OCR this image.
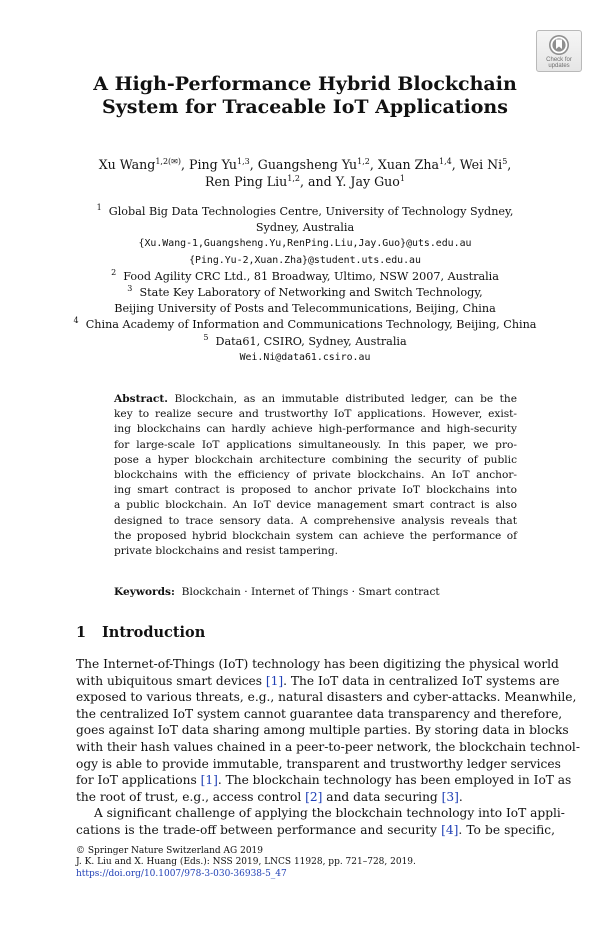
Check for
updates
A High-Performance Hybrid Blockchain
System for Traceable IoT Applications
Xu Wang$^{1,2(✉)}$, Ping Yu$^{1,3}$, Guangsheng Yu$^{1,2}$, Xuan Zha$^{1,4}$, Wei Ni$^5$,
Ren Ping Liu$^{1,2}$, and Y. Jay Guo$^1$
$^1$ Global Big Data Technologies Centre, University of Technology Sydney,
Sydney, Australia
{Xu.Wang-1,Guangsheng.Yu,RenPing.Liu,Jay.Guo}@uts.edu.au
{Ping.Yu-2,Xuan.Zha}@student.uts.edu.au
$^2$ Food Agility CRC Ltd., 81 Broadway, Ultimo, NSW 2007, Australia
$^3$ State Key Laboratory of Networking and Switch Technology,
Beijing University of Posts and Telecommunications, Beijing, China
$^4$ China Academy of Information and Communications Technology, Beijing, China
$^5$ Data61, CSIRO, Sydney, Australia
Wei.Ni@data61.csiro.au
Abstract. Blockchain, as an immutable distributed ledger, can be the
key to realize secure and trustworthy IoT applications. However, exist-
ing blockchains can hardly achieve high-performance and high-security
for large-scale IoT applications simultaneously. In this paper, we pro-
pose a hyper blockchain architecture combining the security of public
blockchains with the efficiency of private blockchains. An IoT anchor-
ing smart contract is proposed to anchor private IoT blockchains into
a public blockchain. An IoT device management smart contract is also
designed to trace sensory data. A comprehensive analysis reveals that
the proposed hybrid blockchain system can achieve the performance of
private blockchains and resist tampering.
Keywords: Blockchain · Internet of Things · Smart contract
1 Introduction
The Internet-of-Things (IoT) technology has been digitizing the physical world
with ubiquitous smart devices [1]. The IoT data in centralized IoT systems are
exposed to various threats, e.g., natural disasters and cyber-attacks. Meanwhile,
the centralized IoT system cannot guarantee data transparency and therefore,
goes against IoT data sharing among multiple parties. By storing data in blocks
with their hash values chained in a peer-to-peer network, the blockchain technol-
ogy is able to provide immutable, transparent and trustworthy ledger services
for IoT applications [1]. The blockchain technology has been employed in IoT as
the root of trust, e.g., access control [2] and data securing [3].
A significant challenge of applying the blockchain technology into IoT appli-
cations is the trade-off between performance and security [4]. To be specific,
© Springer Nature Switzerland AG 2019
J. K. Liu and X. Huang (Eds.): NSS 2019, LNCS 11928, pp. 721–728, 2019.
https://doi.org/10.1007/978-3-030-36938-5_47
